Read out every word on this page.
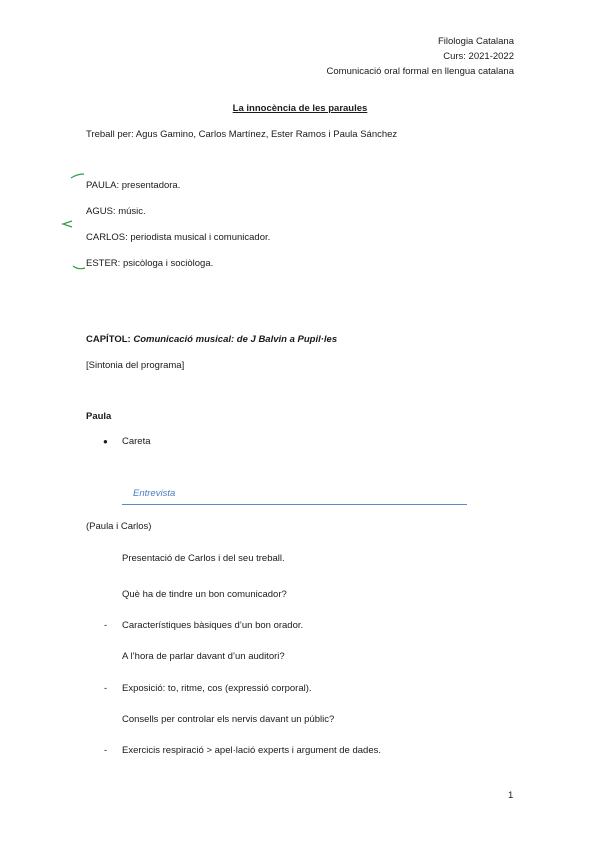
Filologia Catalana
Curs: 2021-2022
Comunicació oral formal en llengua catalana
La innocència de les paraules
Treball per: Agus Gamino, Carlos Martínez, Ester Ramos i Paula Sánchez
PAULA: presentadora.
AGUS: músic.
CARLOS: periodista musical i comunicador.
ESTER: psicòloga i sociòloga.
CAPÍTOL: Comunicació musical: de J Balvin a Pupil·les
[Sintonia del programa]
Paula
● Careta
Entrevista
(Paula i Carlos)
Presentació de Carlos i del seu treball.
Què ha de tindre un bon comunicador?
- Característiques bàsiques d’un bon orador.
A l’hora de parlar davant d’un auditori?
- Exposició: to, ritme, cos (expressió corporal).
Consells per controlar els nervis davant un públic?
- Exercicis respiració > apel·lació experts i argument de dades.
1
